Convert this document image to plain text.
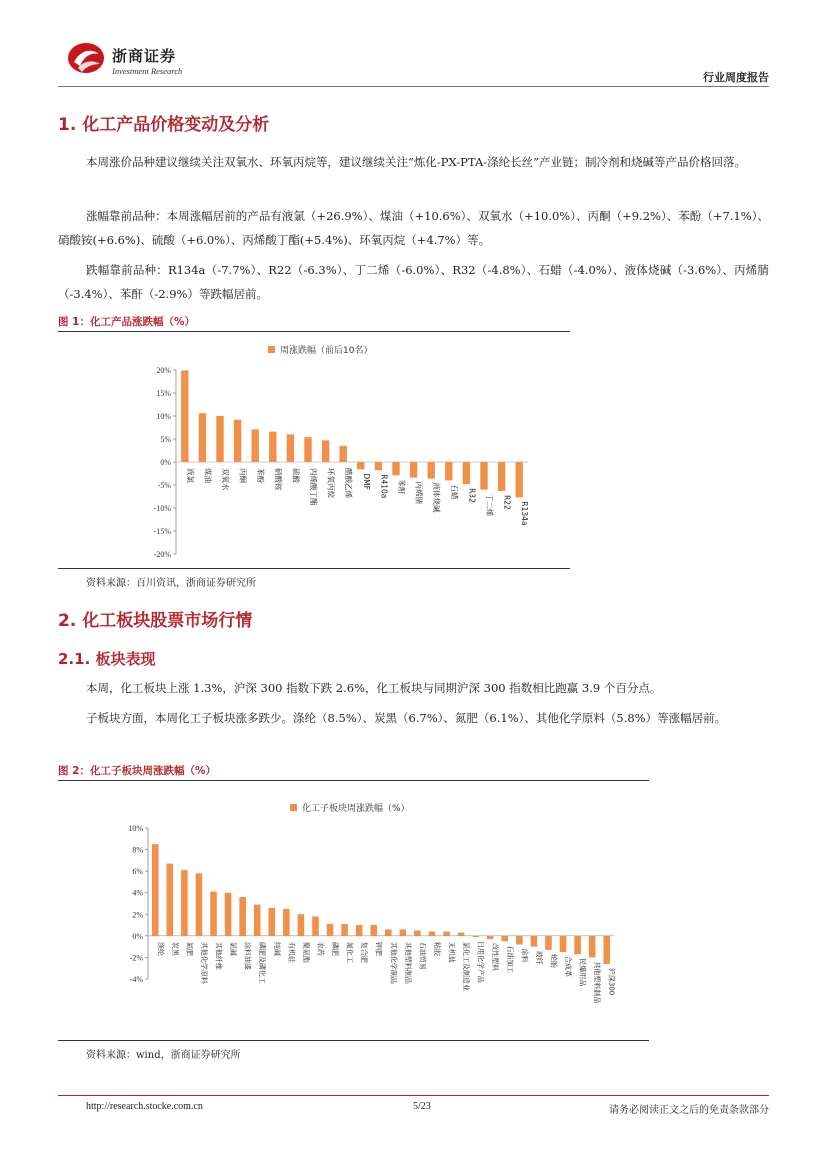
浙商证券
Investment Research	行业周度报告
1. 化工产品价格变动及分析
本周涨价品种建议继续关注双氧水、环氧丙烷等，建议继续关注“炼化-PX-PTA-涤纶长丝”产业链；制冷剂和烧碱等产品价格回落。
涨幅靠前品种：本周涨幅居前的产品有液氯（+26.9%）、煤油（+10.6%）、双氧水（+10.0%）、丙酮（+9.2%）、苯酚（+7.1%）、硝酸铵(+6.6%)、硫酸（+6.0%）、丙烯酸丁酯(+5.4%)、环氧丙烷（+4.7%）等。
跌幅靠前品种：R134a（-7.7%）、R22（-6.3%）、丁二烯（-6.0%）、R32（-4.8%）、石蜡（-4.0%）、液体烧碱（-3.6%）、丙烯腈（-3.4%）、苯酐（-2.9%）等跌幅居前。
图 1：化工产品涨跌幅（%）
周涨跌幅（前后10名）
20%
15%
10%
5%
0%
-5%
-10%
-15%
-20%
液氯 煤油 双氧水 丙酮 苯酚 硝酸铵 硫酸 丙烯酸丁酯 环氧丙烷 醋酸乙烯 DMF R410a 苯酐 丙烯腈 液体烧碱 石蜡 R32 丁二烯 R22 R134a
资料来源：百川资讯，浙商证券研究所
2. 化工板块股票市场行情
2.1. 板块表现
本周，化工板块上涨 1.3%，沪深 300 指数下跌 2.6%，化工板块与同期沪深 300 指数相比跑赢 3.9 个百分点。
子板块方面，本周化工子板块涨多跌少。涤纶（8.5%）、炭黑（6.7%）、氮肥（6.1%）、其他化学原料（5.8%）等涨幅居前。
图 2：化工子板块周涨跌幅（%）
化工子板块周涨跌幅（%）
10%
8%
6%
4%
2%
0%
-2%
-4%
涤纶 炭黑 氮肥 其他化学原料 其他纤维 氯碱 涂料油漆 磷肥及磷化工 纯碱 有机硅 聚氨酯 农药 磷肥 氟化工 复合肥 钾肥 其他化学制品 其他塑料制品 石油贸易 粘胶 无机盐 氯化工及制造业 日用化学产品 改性塑料 石油加工 涂料 玻纤 轮胎 合成革 民爆用品 其他塑料制品 沪深300
资料来源：wind，浙商证券研究所
http://research.stocke.com.cn	5/23	请务必阅读正文之后的免责条款部分
